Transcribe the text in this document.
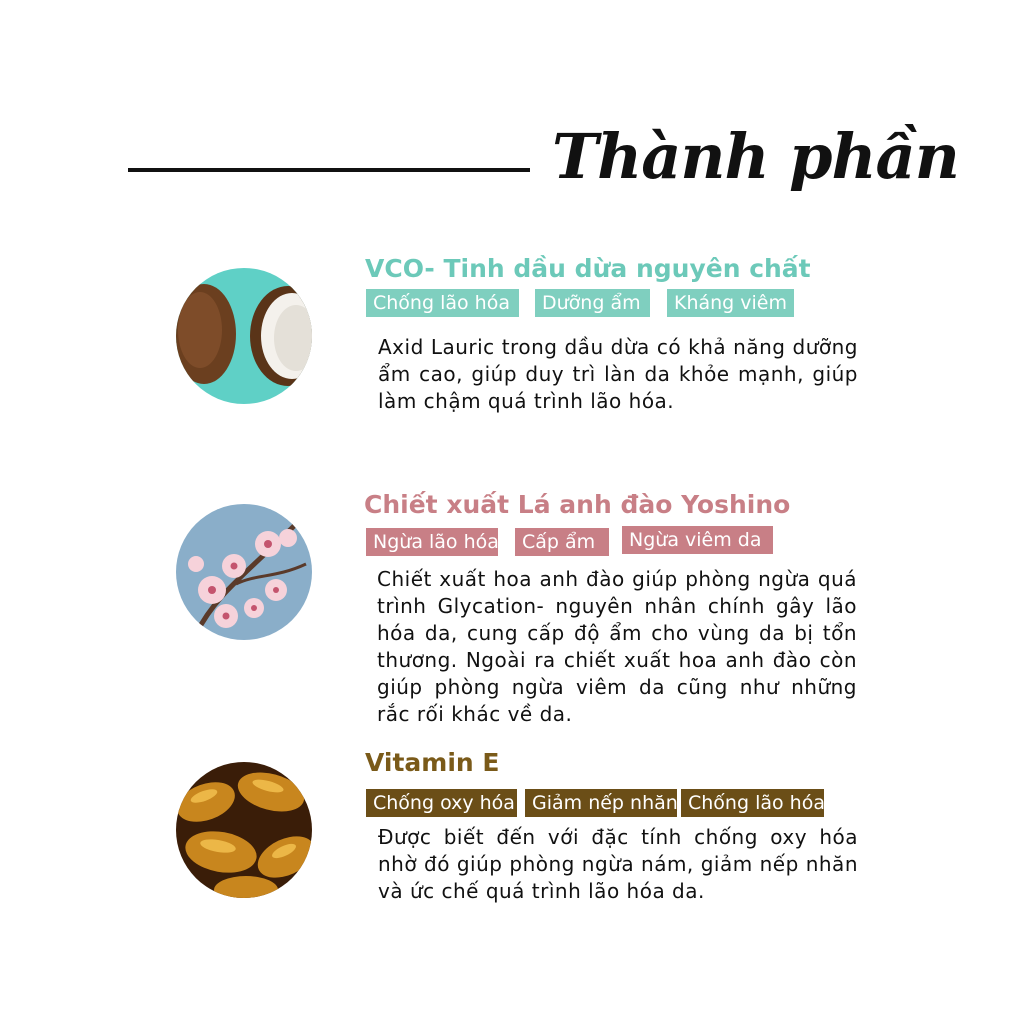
Thành phần
VCO- Tinh dầu dừa nguyên chất
Chống lão hóa	Dưỡng ẩm	Kháng viêm
Axid Lauric trong dầu dừa có khả năng dưỡng ẩm cao, giúp duy trì làn da khỏe mạnh, giúp làm chậm quá trình lão hóa.
Chiết xuất Lá anh đào Yoshino
Ngừa lão hóa	Cấp ẩm	Ngừa viêm da
Chiết xuất hoa anh đào giúp phòng ngừa quá trình Glycation- nguyên nhân chính gây lão hóa da, cung cấp độ ẩm cho vùng da bị tổn thương. Ngoài ra chiết xuất hoa anh đào còn giúp phòng ngừa viêm da cũng như những rắc rối khác về da.
Vitamin E
Chống oxy hóa Giảm nếp nhăn Chống lão hóa
Được biết đến với đặc tính chống oxy hóa nhờ đó giúp phòng ngừa nám, giảm nếp nhăn và ức chế quá trình lão hóa da.
